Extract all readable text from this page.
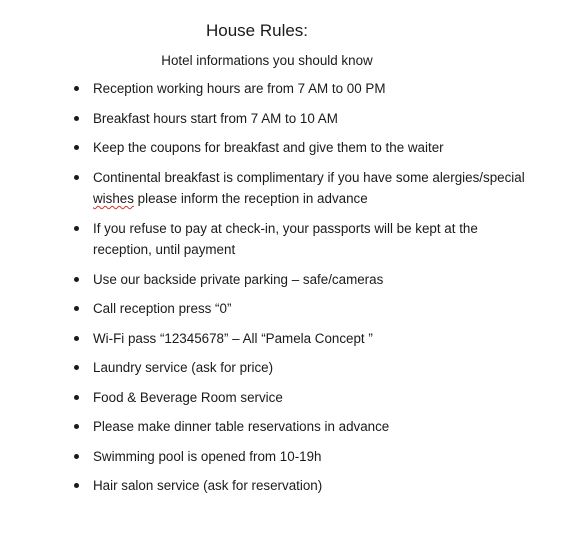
House Rules:
Hotel informations you should know
Reception working hours are from 7 AM to 00 PM
Breakfast hours start from 7 AM to 10 AM
Keep the coupons for breakfast and give them to the waiter
Continental breakfast is complimentary if you have some alergies/special wishes please inform the reception in advance
If you refuse to pay at check-in, your passports will be kept at the reception, until payment
Use our backside private parking – safe/cameras
Call reception press “0”
Wi-Fi pass “12345678” – All “Pamela Concept ”
Laundry service (ask for price)
Food & Beverage Room service
Please make dinner table reservations in advance
Swimming pool is opened from 10-19h
Hair salon service (ask for reservation)
